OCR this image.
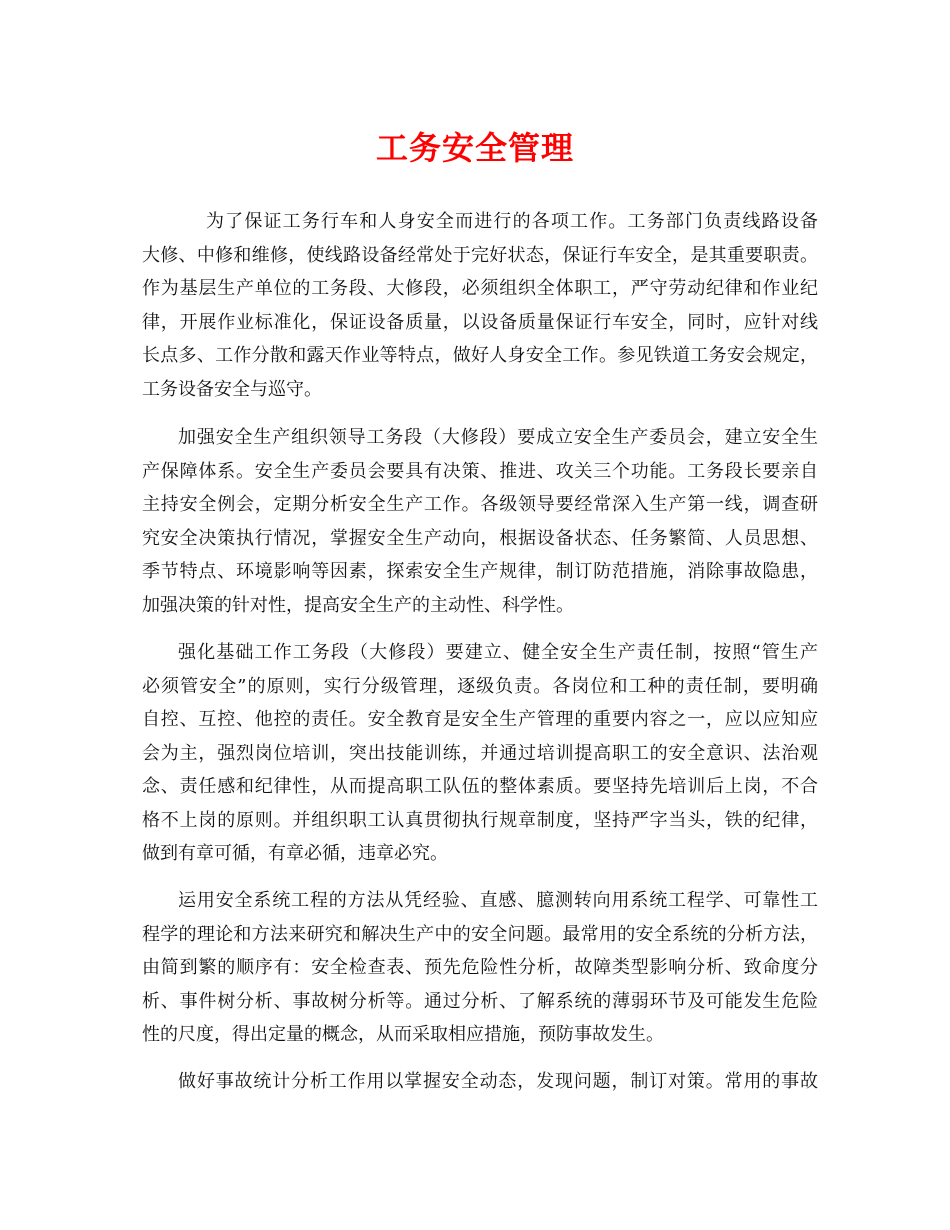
工务安全管理
为了保证工务行车和人身安全而进行的各项工作。工务部门负责线路设备
大修、中修和维修，使线路设备经常处于完好状态，保证行车安全，是其重要职责。
作为基层生产单位的工务段、大修段，必须组织全体职工，严守劳动纪律和作业纪
律，开展作业标准化，保证设备质量，以设备质量保证行车安全，同时，应针对线
长点多、工作分散和露天作业等特点，做好人身安全工作。参见铁道工务安会规定，
工务设备安全与巡守。
加强安全生产组织领导工务段（大修段）要成立安全生产委员会，建立安全生
产保障体系。安全生产委员会要具有决策、推进、攻关三个功能。工务段长要亲自
主持安全例会，定期分析安全生产工作。各级领导要经常深入生产第一线，调查研
究安全决策执行情况，掌握安全生产动向，根据设备状态、任务繁简、人员思想、
季节特点、环境影响等因素，探索安全生产规律，制订防范措施，消除事故隐患，
加强决策的针对性，提高安全生产的主动性、科学性。
强化基础工作工务段（大修段）要建立、健全安全生产责任制，按照“管生产
必须管安全”的原则，实行分级管理，逐级负责。各岗位和工种的责任制，要明确
自控、互控、他控的责任。安全教育是安全生产管理的重要内容之一，应以应知应
会为主，强烈岗位培训，突出技能训练，并通过培训提高职工的安全意识、法治观
念、责任感和纪律性，从而提高职工队伍的整体素质。要坚持先培训后上岗，不合
格不上岗的原则。并组织职工认真贯彻执行规章制度，坚持严字当头，铁的纪律，
做到有章可循，有章必循，违章必究。
运用安全系统工程的方法从凭经验、直感、臆测转向用系统工程学、可靠性工
程学的理论和方法来研究和解决生产中的安全问题。最常用的安全系统的分析方法，
由简到繁的顺序有：安全检查表、预先危险性分析，故障类型影响分析、致命度分
析、事件树分析、事故树分析等。通过分析、了解系统的薄弱环节及可能发生危险
性的尺度，得出定量的概念，从而采取相应措施，预防事故发生。
做好事故统计分析工作用以掌握安全动态，发现问题，制订对策。常用的事故
